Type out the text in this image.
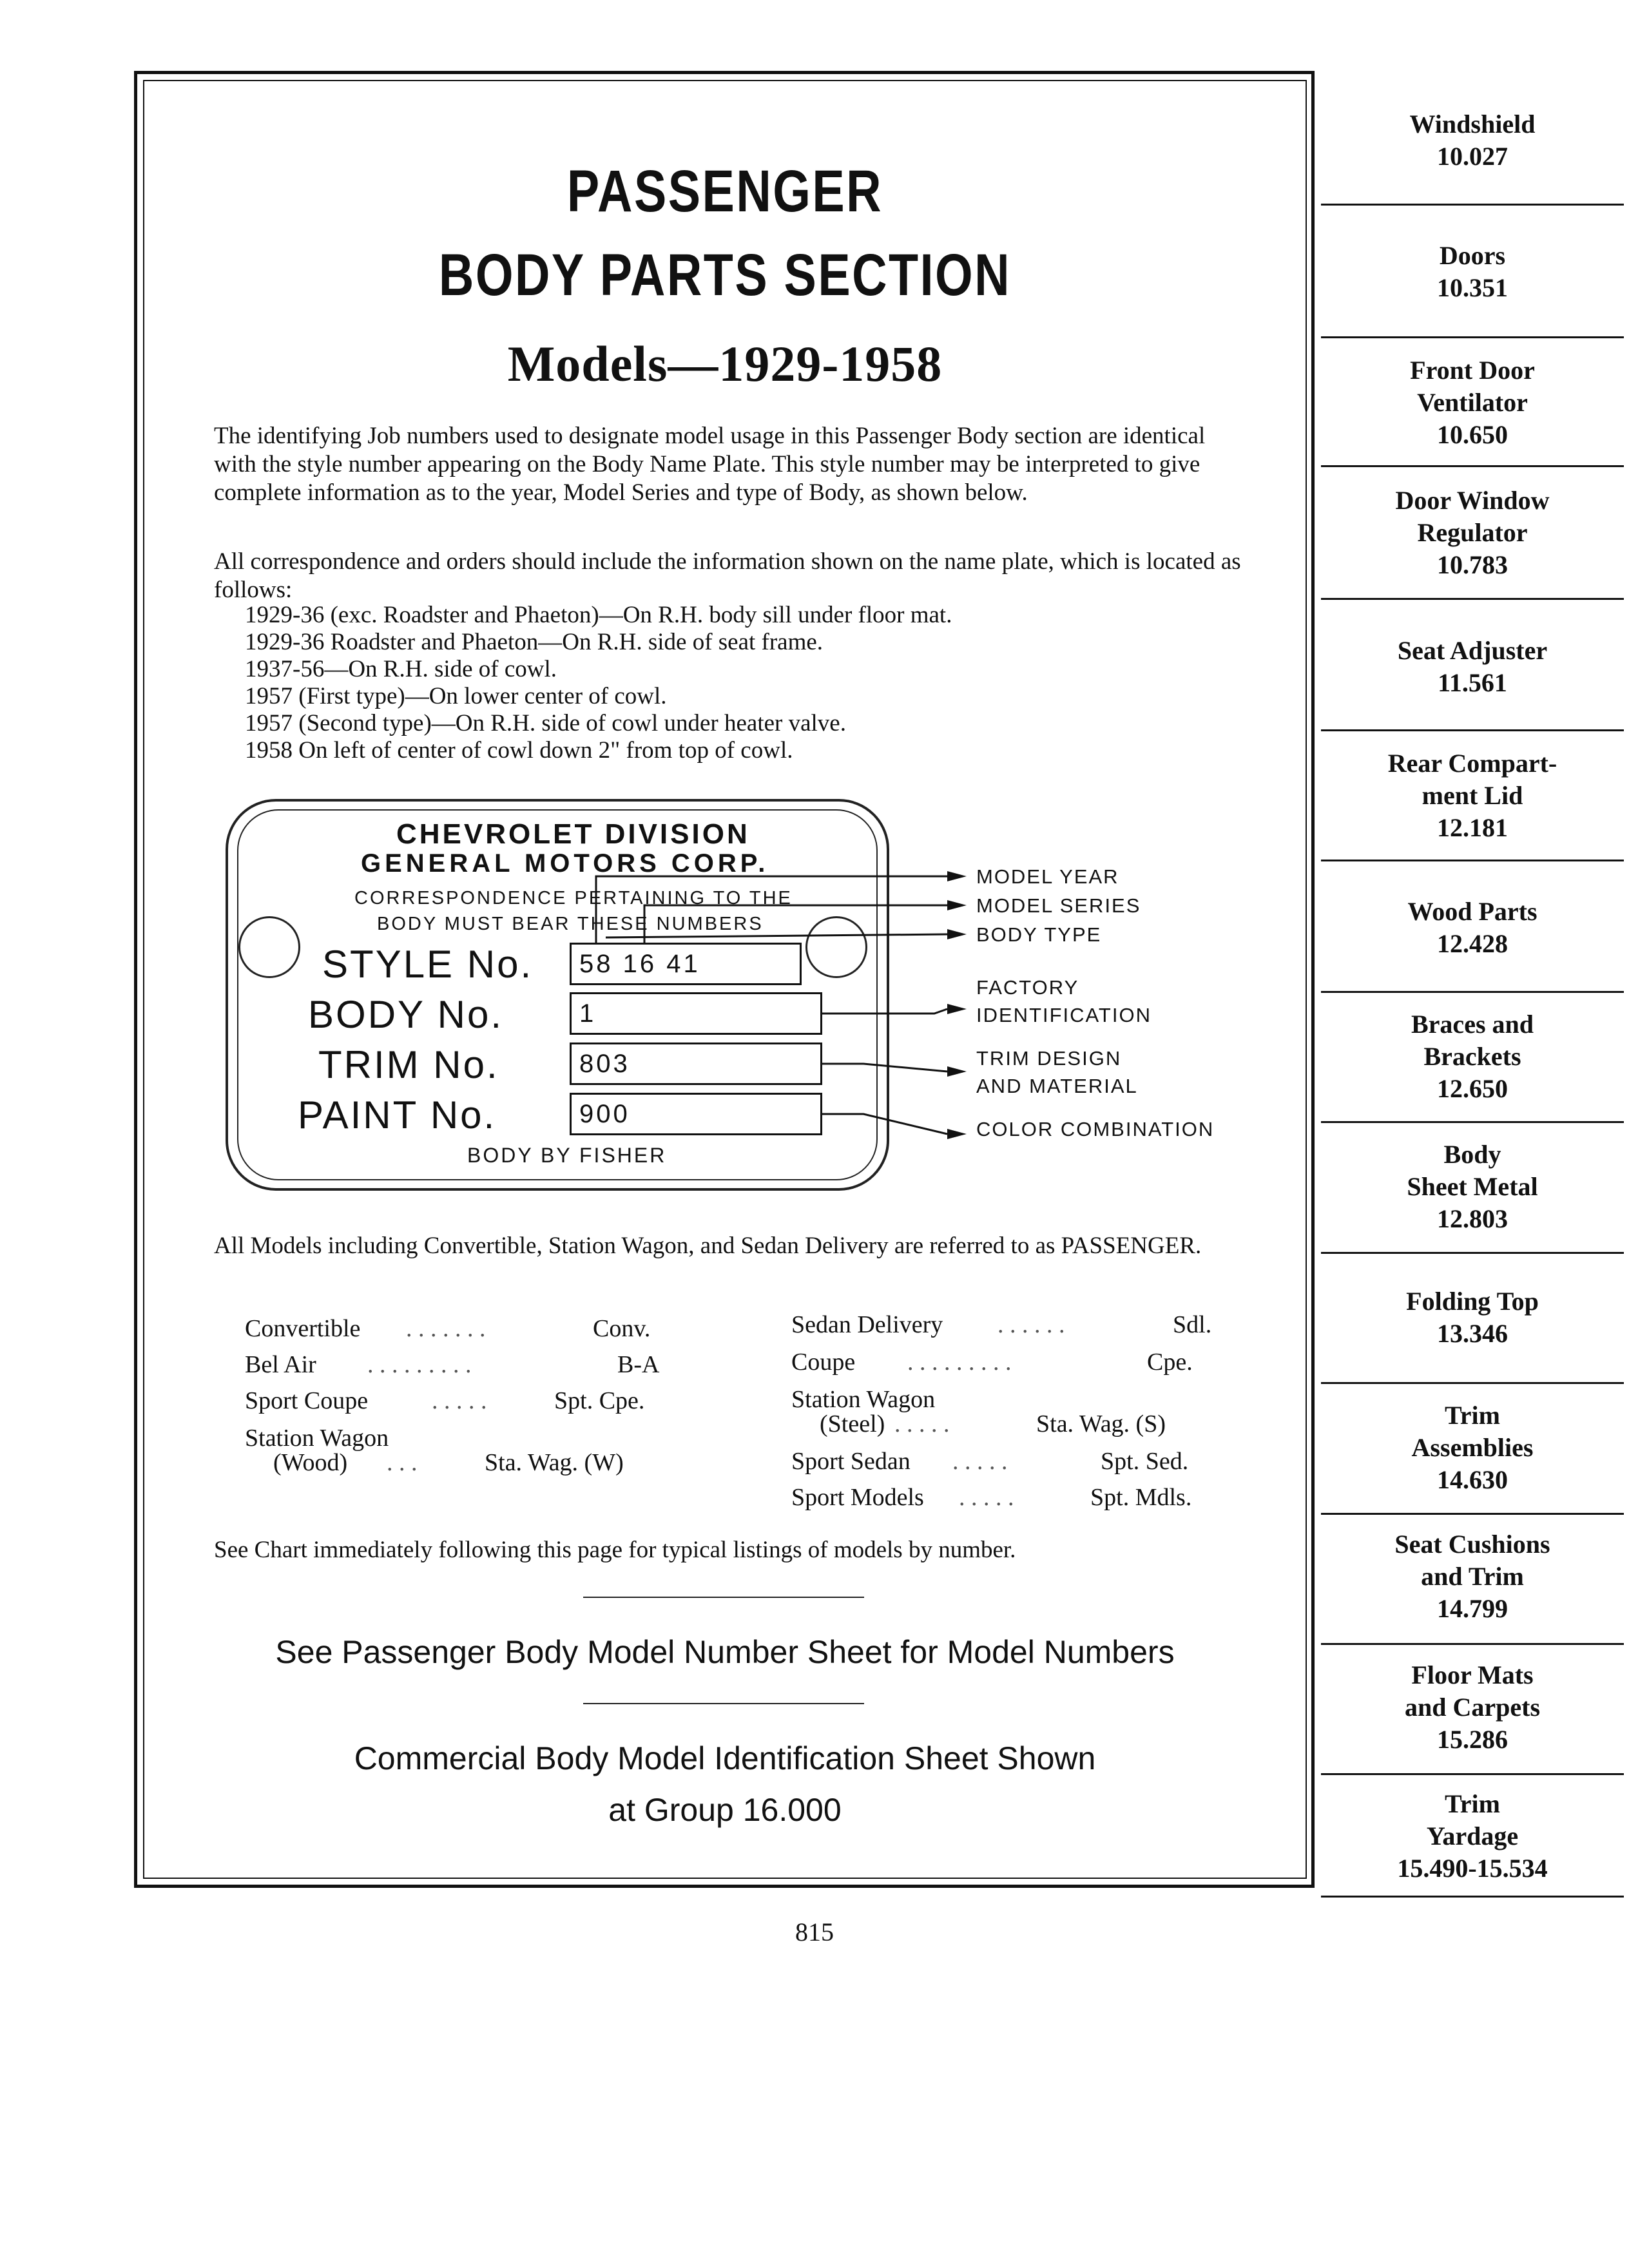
PASSENGER
BODY PARTS SECTION
Models—1929-1958
The identifying Job numbers used to designate model usage in this Passenger Body section are identical with the style number appearing on the Body Name Plate. This style number may be interpreted to give complete information as to the year, Model Series and type of Body, as shown below.
All correspondence and orders should include the information shown on the name plate, which is located as follows:
1929-36 (exc. Roadster and Phaeton)—On R.H. body sill under floor mat.
1929-36 Roadster and Phaeton—On R.H. side of seat frame.
1937-56—On R.H. side of cowl.
1957 (First type)—On lower center of cowl.
1957 (Second type)—On R.H. side of cowl under heater valve.
1958 On left of center of cowl down 2" from top of cowl.
CHEVROLET DIVISION
GENERAL MOTORS CORP.
CORRESPONDENCE PERTAINING TO THE
BODY MUST BEAR THESE NUMBERS
STYLE No.	58 16 41
BODY No.	1
TRIM No.	803
PAINT No.	900
BODY BY FISHER
MODEL YEAR
MODEL SERIES
BODY TYPE
FACTORY
IDENTIFICATION
TRIM DESIGN
AND MATERIAL
COLOR COMBINATION
All Models including Convertible, Station Wagon, and Sedan Delivery are referred to as PASSENGER.
Convertible . . . . . . .	Conv.
Bel Air . . . . . . . . .	B-A
Sport Coupe	. . . . .	Spt. Cpe.
Station Wagon
(Wood) . . .	Sta. Wag. (W)
Sedan Delivery . . . . . .	Sdl.
Coupe . . . . . . . . .	Cpe.
Station Wagon
(Steel) . . . . .	Sta. Wag. (S)
Sport Sedan . . . . .	Spt. Sed.
Sport Models . . . . .	Spt. Mdls.
See Chart immediately following this page for typical listings of models by number.
See Passenger Body Model Number Sheet for Model Numbers
Commercial Body Model Identification Sheet Shown
at Group 16.000
815
Windshield
10.027
Doors
10.351
Front Door
Ventilator
10.650
Door Window
Regulator
10.783
Seat Adjuster
11.561
Rear Compart-
ment Lid
12.181
Wood Parts
12.428
Braces and
Brackets
12.650
Body
Sheet Metal
12.803
Folding Top
13.346
Trim
Assemblies
14.630
Seat Cushions
and Trim
14.799
Floor Mats
and Carpets
15.286
Trim
Yardage
15.490-15.534
